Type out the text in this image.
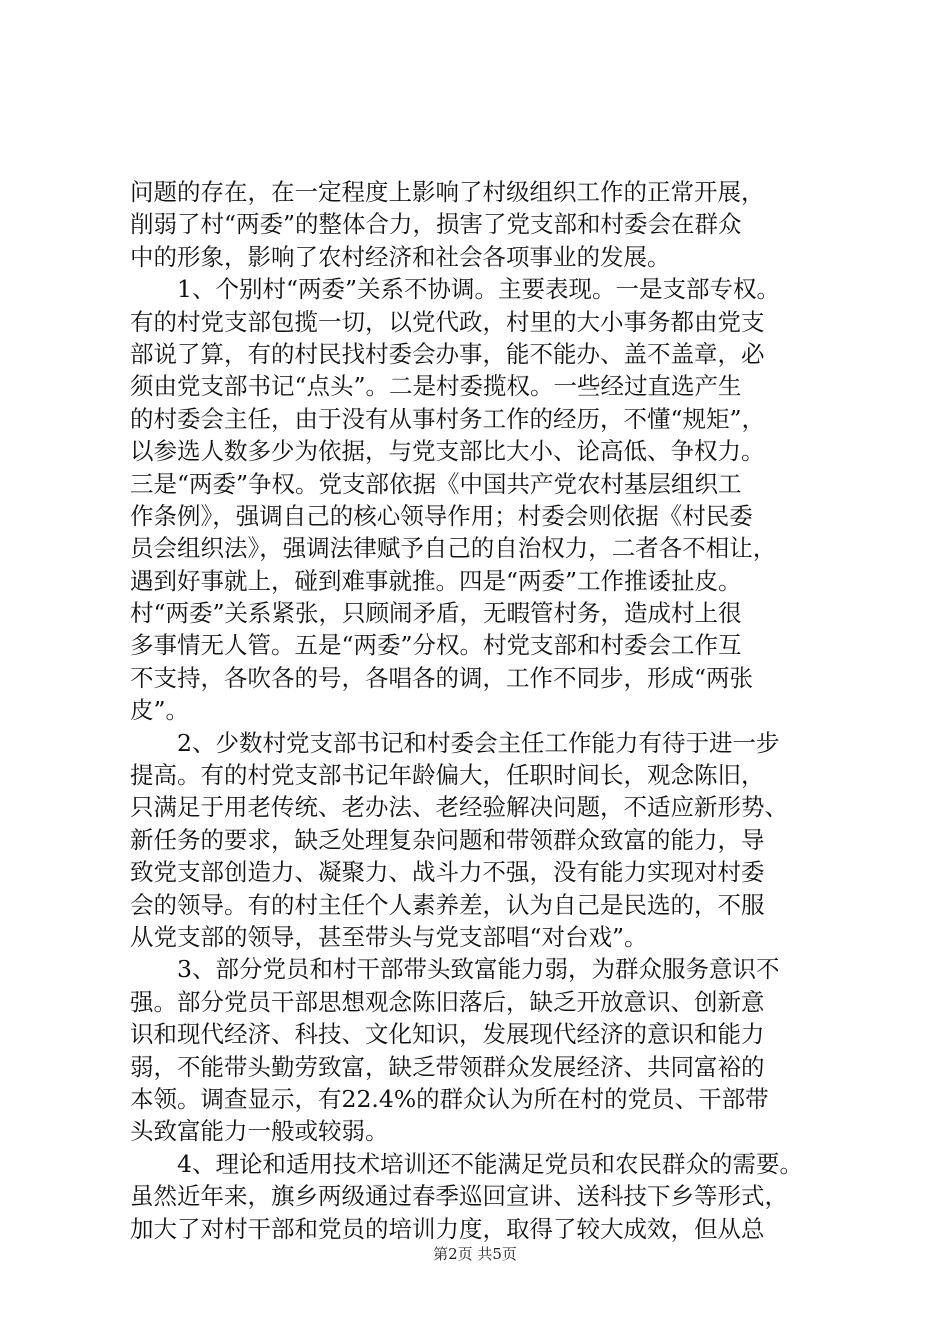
问题的存在，在一定程度上影响了村级组织工作的正常开展，
削弱了村“两委”的整体合力，损害了党支部和村委会在群众
中的形象，影响了农村经济和社会各项事业的发展。
　　1、个别村“两委”关系不协调。主要表现。一是支部专权。
有的村党支部包揽一切，以党代政，村里的大小事务都由党支
部说了算，有的村民找村委会办事，能不能办、盖不盖章，必
须由党支部书记“点头”。二是村委揽权。一些经过直选产生
的村委会主任，由于没有从事村务工作的经历，不懂“规矩”，
以参选人数多少为依据，与党支部比大小、论高低、争权力。
三是“两委”争权。党支部依据《中国共产党农村基层组织工
作条例》，强调自己的核心领导作用；村委会则依据《村民委
员会组织法》，强调法律赋予自己的自治权力，二者各不相让，
遇到好事就上，碰到难事就推。四是“两委”工作推诿扯皮。
村“两委”关系紧张，只顾闹矛盾，无暇管村务，造成村上很
多事情无人管。五是“两委”分权。村党支部和村委会工作互
不支持，各吹各的号，各唱各的调，工作不同步，形成“两张
皮”。
　　2、少数村党支部书记和村委会主任工作能力有待于进一步
提高。有的村党支部书记年龄偏大，任职时间长，观念陈旧，
只满足于用老传统、老办法、老经验解决问题，不适应新形势、
新任务的要求，缺乏处理复杂问题和带领群众致富的能力，导
致党支部创造力、凝聚力、战斗力不强，没有能力实现对村委
会的领导。有的村主任个人素养差，认为自己是民选的，不服
从党支部的领导，甚至带头与党支部唱“对台戏”。
　　3、部分党员和村干部带头致富能力弱，为群众服务意识不
强。部分党员干部思想观念陈旧落后，缺乏开放意识、创新意
识和现代经济、科技、文化知识，发展现代经济的意识和能力
弱，不能带头勤劳致富，缺乏带领群众发展经济、共同富裕的
本领。调查显示，有22.4%的群众认为所在村的党员、干部带
头致富能力一般或较弱。
　　4、理论和适用技术培训还不能满足党员和农民群众的需要。
虽然近年来，旗乡两级通过春季巡回宣讲、送科技下乡等形式，
加大了对村干部和党员的培训力度，取得了较大成效，但从总
第2页 共5页
